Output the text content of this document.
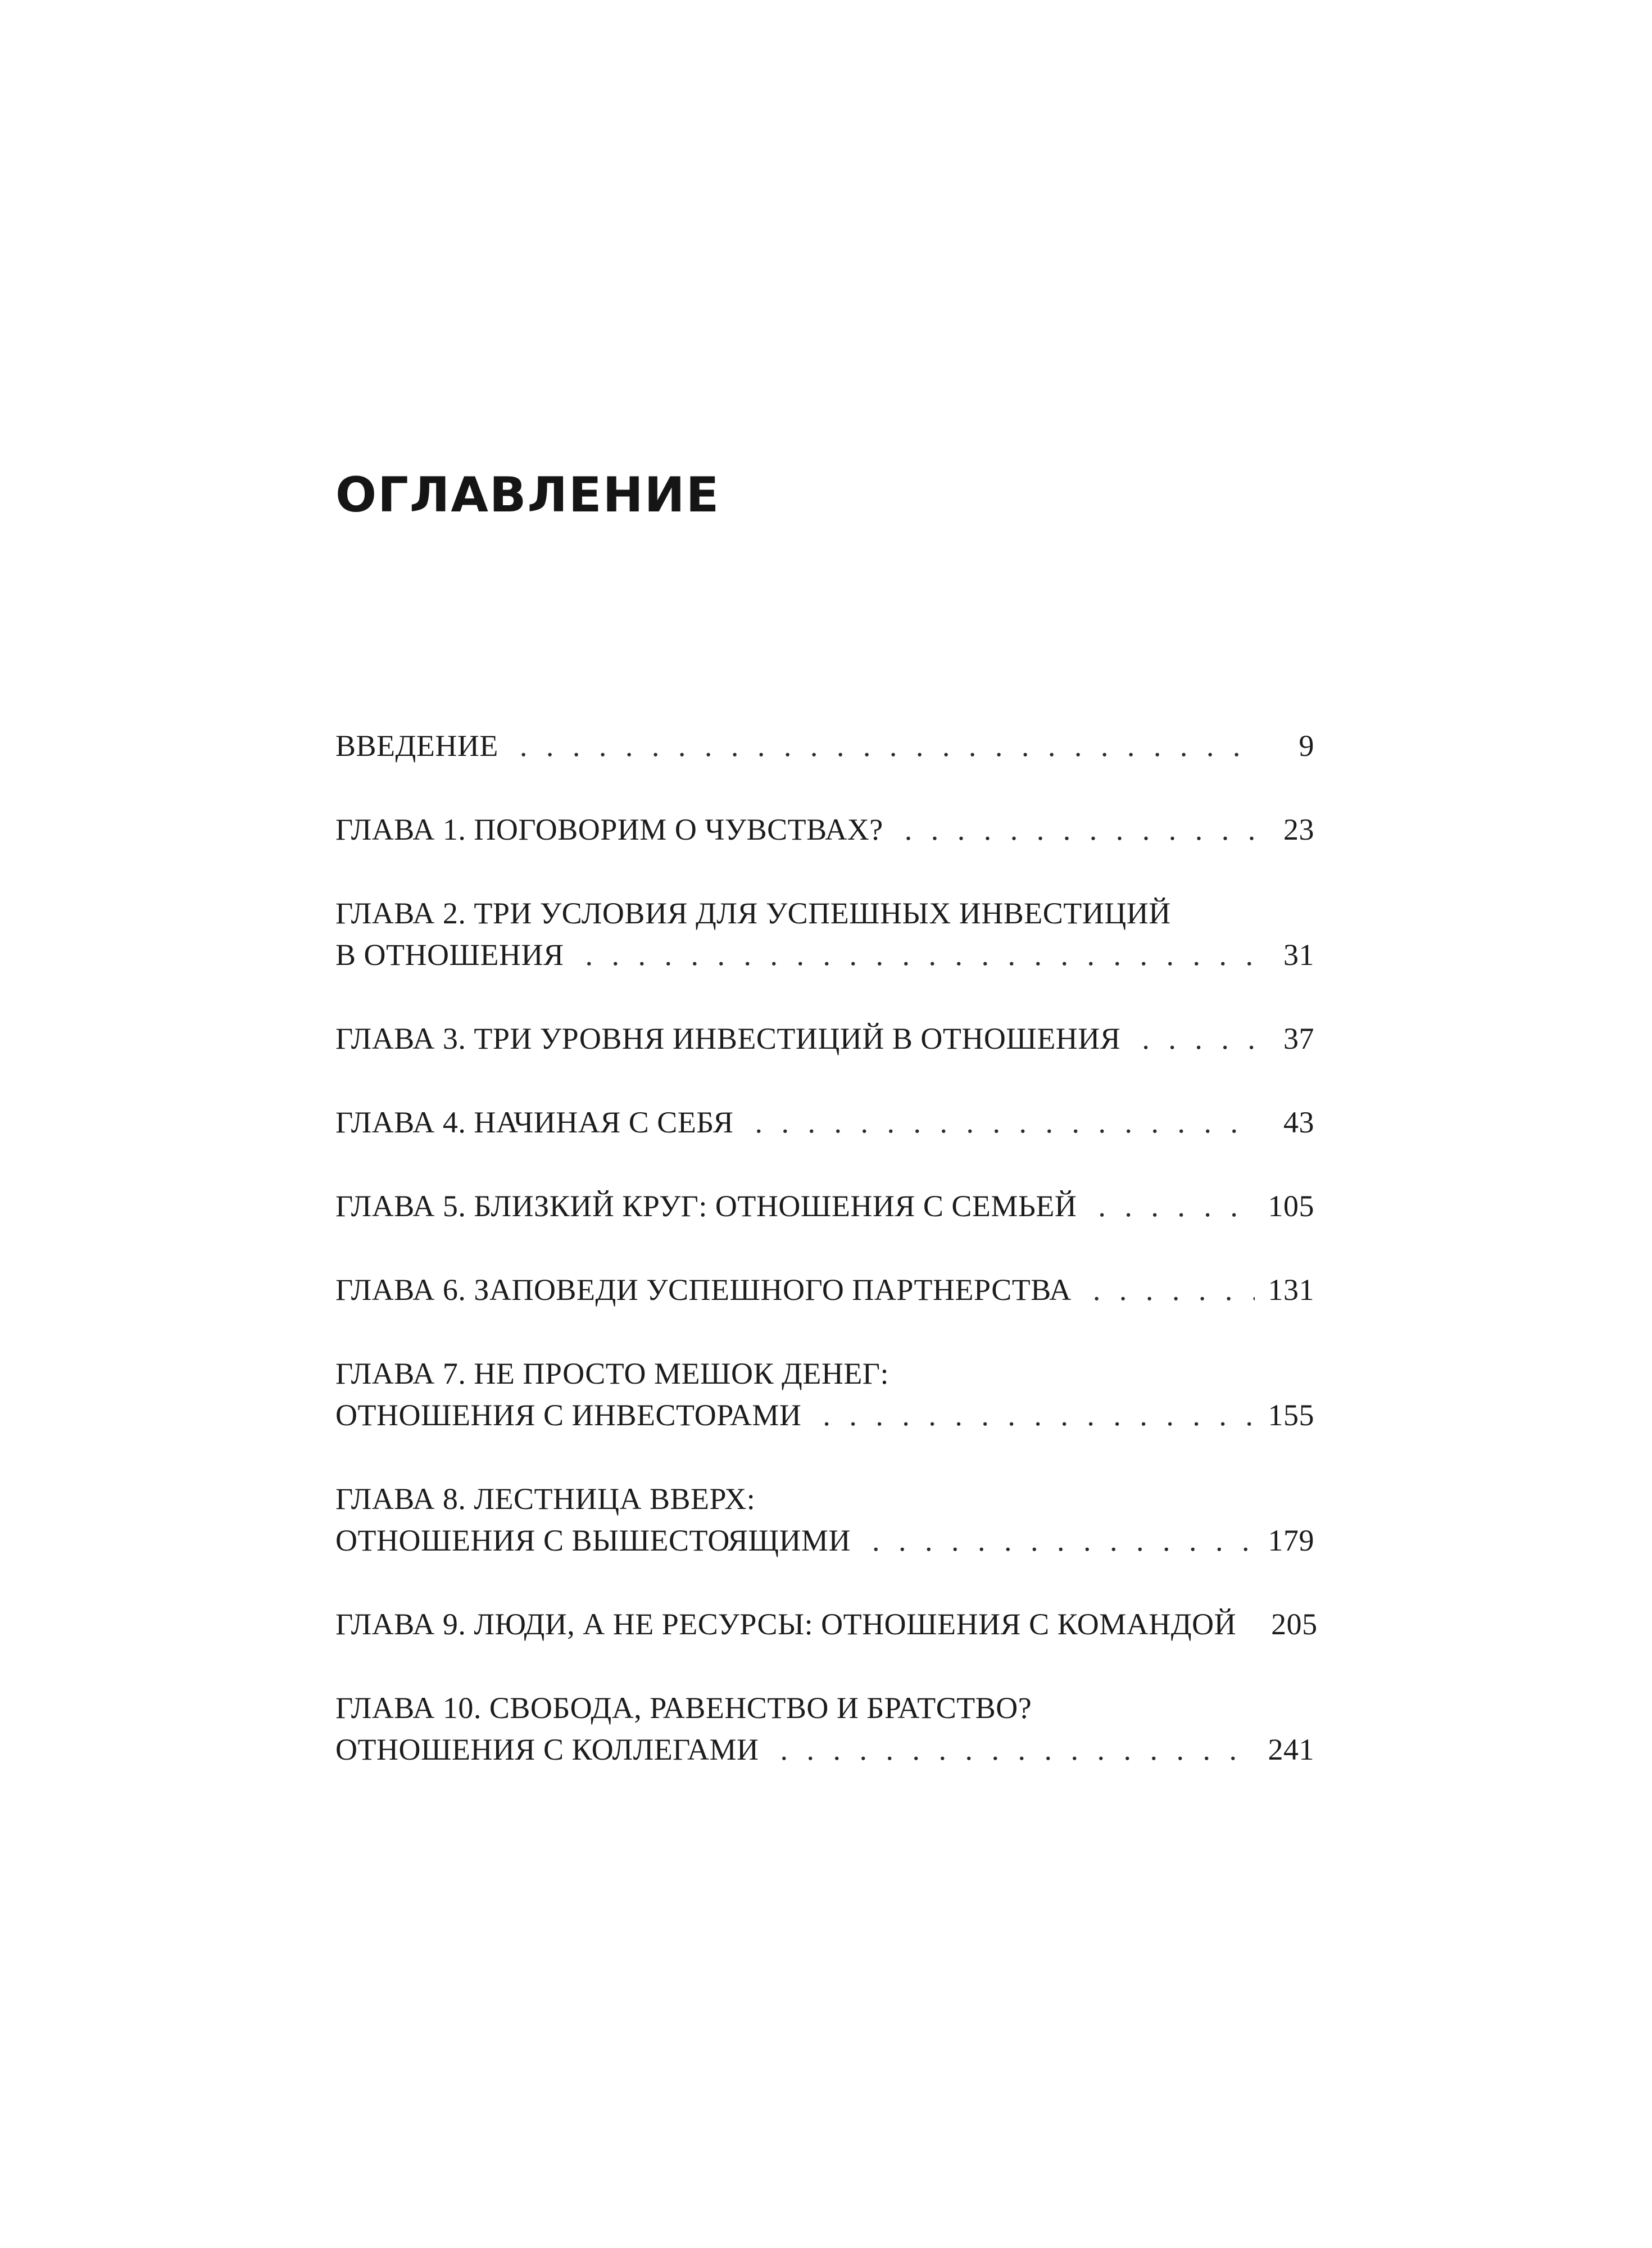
ОГЛАВЛЕНИЕ
ВВЕДЕНИЕ . . .	9
ГЛАВА 1. ПОГОВОРИМ О ЧУВСТВАХ? . . .	23
ГЛАВА 2. ТРИ УСЛОВИЯ ДЛЯ УСПЕШНЫХ ИНВЕСТИЦИЙ
В ОТНОШЕНИЯ . . .	31
ГЛАВА 3. ТРИ УРОВНЯ ИНВЕСТИЦИЙ В ОТНОШЕНИЯ . . .	37
ГЛАВА 4. НАЧИНАЯ С СЕБЯ . . .	43
ГЛАВА 5. БЛИЗКИЙ КРУГ: ОТНОШЕНИЯ С СЕМЬЕЙ . . .	105
ГЛАВА 6. ЗАПОВЕДИ УСПЕШНОГО ПАРТНЕРСТВА . . .	131
ГЛАВА 7. НЕ ПРОСТО МЕШОК ДЕНЕГ:
ОТНОШЕНИЯ С ИНВЕСТОРАМИ . . .	155
ГЛАВА 8. ЛЕСТНИЦА ВВЕРХ:
ОТНОШЕНИЯ С ВЫШЕСТОЯЩИМИ . . .	179
ГЛАВА 9. ЛЮДИ, А НЕ РЕСУРСЫ: ОТНОШЕНИЯ С КОМАНДОЙ 205
ГЛАВА 10. СВОБОДА, РАВЕНСТВО И БРАТСТВО?
ОТНОШЕНИЯ С КОЛЛЕГАМИ . . .	241
